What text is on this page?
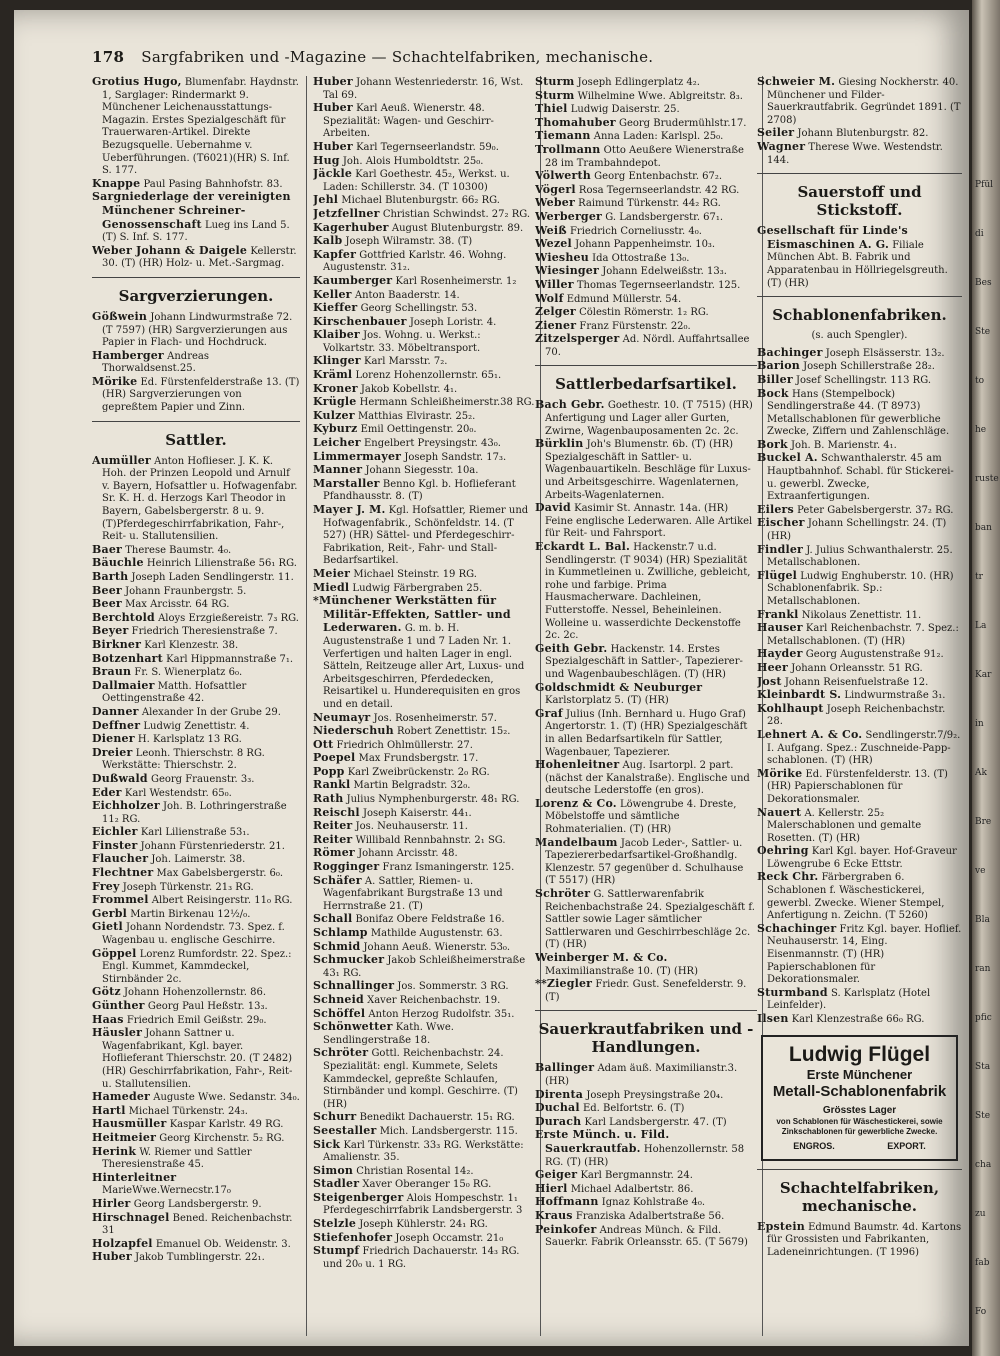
178 Sargfabriken und -Magazine — Schachtelfabriken, mechanische.

Grotius Hugo, Blumenfabr. Haydnstr. 1, Sarglager: Rindermarkt 9. Münchener Leichenausstattungs-Magazin. Erstes Spezialgeschäft für Trauerwaren-Artikel. Direkte Bezugsquelle. Uebernahme v. Ueberführungen. (T6021)(HR) S. Inf. S. 177.

Knappe Paul Pasing Bahnhofstr. 83.

Sargniederlage der vereinigten Münchener Schreiner-Genossenschaft Lueg ins Land 5. (T) S. Inf. S. 177.

Weber Johann & Daigele Kellerstr. 30. (T) (HR) Holz- u. Met.-Sargmag.

Sargverzierungen.

Gößwein Johann Lindwurmstraße 72. (T 7597) (HR) Sargverzierungen aus Papier in Flach- und Hochdruck.

Hamberger Andreas Thorwaldsenst.25.

Mörike Ed. Fürstenfelderstraße 13. (T) (HR) Sargverzierungen von gepreßtem Papier und Zinn.

Sattler.

Aumüller Anton Hoflieser. J. K. K. Hoh. der Prinzen Leopold und Arnulf v. Bayern, Hofsattler u. Hofwagenfabr. Sr. K. H. d. Herzogs Karl Theodor in Bayern, Gabelsbergerstr. 8 u. 9. (T)Pferdegeschirrfabrikation, Fahr-, Reit- u. Stallutensilien.

Baer Therese Baumstr. 4₀.

Bäuchle Heinrich Lilienstraße 56₁ RG.

Barth Joseph Laden Sendlingerstr. 11.

Beer Johann Fraunbergstr. 5.

Beer Max Arcisstr. 64 RG.

Berchtold Aloys Erzgießereistr. 7₃ RG.

Beyer Friedrich Theresienstraße 7.

Birkner Karl Klenzestr. 38.

Botzenhart Karl Hippmannstraße 7₁.

Braun Fr. S. Wienerplatz 6₀.

Dallmaier Matth. Hofsattler Oettingenstraße 42.

Danner Alexander In der Grube 29.

Deffner Ludwig Zenettistr. 4.

Diener H. Karlsplatz 13 RG.

Dreier Leonh. Thierschstr. 8 RG. Werkstätte: Thierschstr. 2.

Dußwald Georg Frauenstr. 3₃.

Eder Karl Westendstr. 65₀.

Eichholzer Joh. B. Lothringerstraße 11₂ RG.

Eichler Karl Lilienstraße 53₁.

Finster Johann Fürstenriederstr. 21.

Flaucher Joh. Laimerstr. 38.

Flechtner Max Gabelsbergerstr. 6₀.

Frey Joseph Türkenstr. 21₃ RG.

Frommel Albert Reisingerstr. 11₀ RG.

Gerbl Martin Birkenau 12½/₀.

Gietl Johann Nordendstr. 73. Spez. f. Wagenbau u. englische Geschirre.

Göppel Lorenz Rumfordstr. 22. Spez.: Engl. Kummet, Kammdeckel, Stirnbänder 2c.

Götz Johann Hohenzollernstr. 86.

Günther Georg Paul Heßstr. 13₃.

Haas Friedrich Emil Geißstr. 29₀.

Häusler Johann Sattner u. Wagenfabrikant, Kgl. bayer. Hoflieferant Thierschstr. 20. (T 2482) (HR) Geschirrfabrikation, Fahr-, Reit- u. Stallutensilien.

Hameder Auguste Wwe. Sedanstr. 34₀.

Hartl Michael Türkenstr. 24₃.

Hausmüller Kaspar Karlstr. 49 RG.

Heitmeier Georg Kirchenstr. 5₂ RG.

Herink W. Riemer und Sattler Theresienstraße 45.

Hinterleitner MarieWwe.Wernecstr.17₀

Hirler Georg Landsbergerstr. 9.

Hirschnagel Bened. Reichenbachstr. 31

Holzapfel Emanuel Ob. Weidenstr. 3.

Huber Jakob Tumblingerstr. 22₁.

Huber Johann Westenriederstr. 16, Wst. Tal 69.

Huber Karl Aeuß. Wienerstr. 48. Spezialität: Wagen- und Geschirr-Arbeiten.

Huber Karl Tegernseerlandstr. 59₀.

Hug Joh. Alois Humboldtstr. 25₀.

Jäckle Karl Goethestr. 45₂, Werkst. u. Laden: Schillerstr. 34. (T 10300)

Jehl Michael Blutenburgstr. 66₂ RG.

Jetzfellner Christian Schwindst. 27₂ RG.

Kagerhuber August Blutenburgstr. 89.

Kalb Joseph Wilramstr. 38. (T)

Kapfer Gottfried Karlstr. 46. Wohng. Augustenstr. 31₂.

Kaumberger Karl Rosenheimerstr. 1₂

Keller Anton Baaderstr. 14.

Kieffer Georg Schellingstr. 53.

Kirschenbauer Joseph Loristr. 4.

Klaiber Jos. Wohng. u. Werkst.: Volkartstr. 33. Möbeltransport.

Klinger Karl Marsstr. 7₂.

Kräml Lorenz Hohenzollernstr. 65₁.

Kroner Jakob Kobellstr. 4₁.

Krügle Hermann Schleißheimerstr.38 RG.

Kulzer Matthias Elvirastr. 25₂.

Kyburz Emil Oettingenstr. 20₀.

Leicher Engelbert Preysingstr. 43₀.

Limmermayer Joseph Sandstr. 17₃.

Manner Johann Siegesstr. 10a.

Marstaller Benno Kgl. b. Hoflieferant Pfandhausstr. 8. (T)

Mayer J. M. Kgl. Hofsattler, Riemer und Hofwagenfabrik., Schönfeldstr. 14. (T 527) (HR) Sättel- und Pferdegeschirr-Fabrikation, Reit-, Fahr- und Stall-Bedarfsartikel.

Meier Michael Steinstr. 19 RG.

Miedl Ludwig Färbergraben 25.

*Münchener Werkstätten für Militär-Effekten, Sattler- und Lederwaren. G. m. b. H. Augustenstraße 1 und 7 Laden Nr. 1. Verfertigen und halten Lager in engl. Sätteln, Reitzeuge aller Art, Luxus- und Arbeitsgeschirren, Pferdedecken, Reisartikel u. Hunderequisiten en gros und en detail.

Neumayr Jos. Rosenheimerstr. 57.

Niederschuh Robert Zenettistr. 15₂.

Ott Friedrich Ohlmüllerstr. 27.

Poepel Max Frundsbergstr. 17.

Popp Karl Zweibrückenstr. 2₀ RG.

Rankl Martin Belgradstr. 32₀.

Rath Julius Nymphenburgerstr. 48₁ RG.

Reischl Joseph Kaiserstr. 44₁.

Reiter Jos. Neuhauserstr. 11.

Reiter Willibald Rennbahnstr. 2₁ SG.

Römer Johann Arcisstr. 48.

Rogginger Franz Ismaningerstr. 125.

Schäfer A. Sattler, Riemen- u. Wagenfabrikant Burgstraße 13 und Herrnstraße 21. (T)

Schall Bonifaz Obere Feldstraße 16.

Schlamp Mathilde Augustenstr. 63.

Schmid Johann Aeuß. Wienerstr. 53₀.

Schmucker Jakob Schleißheimerstraße 43₁ RG.

Schnallinger Jos. Sommerstr. 3 RG.

Schneid Xaver Reichenbachstr. 19.

Schöffel Anton Herzog Rudolfstr. 35₁.

Schönwetter Kath. Wwe. Sendlingerstraße 18.

Schröter Gottl. Reichenbachstr. 24. Spezialität: engl. Kummete, Selets Kammdeckel, gepreßte Schlaufen, Stirnbänder und kompl. Geschirre. (T) (HR)

Schurr Benedikt Dachauerstr. 15₁ RG.

Seestaller Mich. Landsbergerstr. 115.

Sick Karl Türkenstr. 33₃ RG. Werkstätte: Amalienstr. 35.

Simon Christian Rosental 14₂.

Stadler Xaver Oberanger 15₀ RG.

Steigenberger Alois Hompeschstr. 1₁ Pferdegeschirrfabrik Landsbergerstr. 3

Stelzle Joseph Kühlerstr. 24₁ RG.

Stiefenhofer Joseph Occamstr. 21₀

Stumpf Friedrich Dachauerstr. 14₃ RG. und 20₀ u. 1 RG.

Sturm Joseph Edlingerplatz 4₂.

Sturm Wilhelmine Wwe. Ablgreitstr. 8₃.

Thiel Ludwig Daiserstr. 25.

Thomahuber Georg Brudermühlstr.17.

Tiemann Anna Laden: Karlspl. 25₀.

Trollmann Otto Aeußere Wienerstraße 28 im Trambahndepot.

Völwerth Georg Entenbachstr. 67₂.

Vögerl Rosa Tegernseerlandstr. 42 RG.

Weber Raimund Türkenstr. 44₂ RG.

Werberger G. Landsbergerstr. 67₁.

Weiß Friedrich Corneliusstr. 4₀.

Wezel Johann Pappenheimstr. 10₃.

Wiesheu Ida Ottostraße 13₀.

Wiesinger Johann Edelweißstr. 13₃.

Willer Thomas Tegernseerlandstr. 125.

Wolf Edmund Müllerstr. 54.

Zelger Cölestin Römerstr. 1₂ RG.

Ziener Franz Fürstenstr. 22₀.

Zitzelsperger Ad. Nördl. Auffahrtsallee 70.

Sattlerbedarfsartikel.

Bach Gebr. Goethestr. 10. (T 7515) (HR) Anfertigung und Lager aller Gurten, Zwirne, Wagenbauposamenten 2c. 2c.

Bürklin Joh's Blumenstr. 6b. (T) (HR) Spezialgeschäft in Sattler- u. Wagenbauartikeln. Beschläge für Luxus- und Arbeitsgeschirre. Wagenlaternen, Arbeits-Wagenlaternen.

David Kasimir St. Annastr. 14a. (HR) Feine englische Lederwaren. Alle Artikel für Reit- und Fahrsport.

Eckardt L. Bal. Hackenstr.7 u.d. Sendlingerstr. (T 9034) (HR) Spezialität in Kummetleinen u. Zwilliche, gebleicht, rohe und farbige. Prima Hausmacherware. Dachleinen, Futterstoffe. Nessel, Beheinleinen. Wolleine u. wasserdichte Deckenstoffe 2c. 2c.

Geith Gebr. Hackenstr. 14. Erstes Spezialgeschäft in Sattler-, Tapezierer- und Wagenbaubeschlägen. (T) (HR)

Goldschmidt & Neuburger Karlstorplatz 5. (T) (HR)

Graf Julius (Inh. Bernhard u. Hugo Graf) Angertorstr. 1. (T) (HR) Spezialgeschäft in allen Bedarfsartikeln für Sattler, Wagenbauer, Tapezierer.

Hohenleitner Aug. Isartorpl. 2 part. (nächst der Kanalstraße). Englische und deutsche Lederstoffe (en gros).

Lorenz & Co. Löwengrube 4. Dreste, Möbelstoffe und sämtliche Rohmaterialien. (T) (HR)

Mandelbaum Jacob Leder-, Sattler- u. Tapeziererbedarfsartikel-Großhandlg. Klenzestr. 57 gegenüber d. Schulhause (T 5517) (HR)

Schröter G. Sattlerwarenfabrik Reichenbachstraße 24. Spezialgeschäft f. Sattler sowie Lager sämtlicher Sattlerwaren und Geschirrbeschläge 2c. (T) (HR)

Weinberger M. & Co. Maximilianstraße 10. (T) (HR)

**Ziegler Friedr. Gust. Senefelderstr. 9. (T)

Sauerkrautfabriken und -Handlungen.

Ballinger Adam äuß. Maximilianstr.3. (HR)

Direnta Joseph Preysingstraße 20₄.

Duchal Ed. Belfortstr. 6. (T)

Durach Karl Landsbergerstr. 47. (T)

Erste Münch. u. Fild. Sauerkrautfab. Hohenzollernstr. 58 RG. (T) (HR)

Geiger Karl Bergmannstr. 24.

Hierl Michael Adalbertstr. 86.

Hoffmann Ignaz Kohlstraße 4₀.

Kraus Franziska Adalbertstraße 56.

Peinkofer Andreas Münch. & Fild. Sauerkr. Fabrik Orleansstr. 65. (T 5679)

Schweier M. Giesing Nockherstr. 40. Münchener und Filder-Sauerkrautfabrik. Gegründet 1891. (T 2708)

Seiler Johann Blutenburgstr. 82.

Wagner Therese Wwe. Westendstr. 144.

Sauerstoff und Stickstoff.

Gesellschaft für Linde's Eismaschinen A. G. Filiale München Abt. B. Fabrik und Apparatenbau in Höllriegelsgreuth. (T) (HR)

Schablonenfabriken.
(s. auch Spengler).

Bachinger Joseph Elsässerstr. 13₂.

Barion Joseph Schillerstraße 28₂.

Biller Josef Schellingstr. 113 RG.

Bock Hans (Stempelbock) Sendlingerstraße 44. (T 8973) Metallschablonen für gewerbliche Zwecke, Ziffern und Zahlenschläge.

Bork Joh. B. Marienstr. 4₁.

Buckel A. Schwanthalerstr. 45 am Hauptbahnhof. Schabl. für Stickerei- u. gewerbl. Zwecke, Extraanfertigungen.

Eilers Peter Gabelsbergerstr. 37₂ RG.

Eischer Johann Schellingstr. 24. (T) (HR)

Findler J. Julius Schwanthalerstr. 25. Metallschablonen.

Flügel Ludwig Enghuberstr. 10. (HR) Schablonenfabrik. Sp.: Metallschablonen.

Frankl Nikolaus Zenettistr. 11.

Hauser Karl Reichenbachstr. 7. Spez.: Metallschablonen. (T) (HR)

Hayder Georg Augustenstraße 91₂.

Heer Johann Orleansstr. 51 RG.

Jost Johann Reisenfuelstraße 12.

Kleinbardt S. Lindwurmstraße 3₁.

Kohlhaupt Joseph Reichenbachstr. 28.

Lehnert A. & Co. Sendlingerstr.7/9₂. I. Aufgang. Spez.: Zuschneide-Papp-schablonen. (T) (HR)

Mörike Ed. Fürstenfelderstr. 13. (T) (HR) Papierschablonen für Dekorationsmaler.

Nauert A. Kellerstr. 25₂ Malerschablonen und gemalte Rosetten. (T) (HR)

Oehring Karl Kgl. bayer. Hof-Graveur Löwengrube 6 Ecke Ettstr.

Reck Chr. Färbergraben 6. Schablonen f. Wäschestickerei, gewerbl. Zwecke. Wiener Stempel, Anfertigung n. Zeichn. (T 5260)

Schachinger Fritz Kgl. bayer. Hoflief. Neuhauserstr. 14, Eing. Eisenmannstr. (T) (HR) Papierschablonen für Dekorationsmaler.

Sturmband S. Karlsplatz (Hotel Leinfelder).

Ilsen Karl Klenzestraße 66₀ RG.

Ludwig Flügel
Erste Münchener
Metall-Schablonenfabrik
Grösstes Lager
von Schablonen für Wäschestickerei, sowie Zinkschablonen für gewerbliche Zwecke.
ENGROS.	EXPORT.
Schachtelfabriken, mechanische.

Epstein Edmund Baumstr. 4d. Kartons für Grossisten und Fabrikanten, Ladeneinrichtungen. (T 1996)

Pfül
di
Bes
Ste
to
he
ruste
ban
tr
La
Kar
in
Ak
Bre
ve
Bla
ran
pfic
Sta
Ste
cha
zu
fab
Fo
